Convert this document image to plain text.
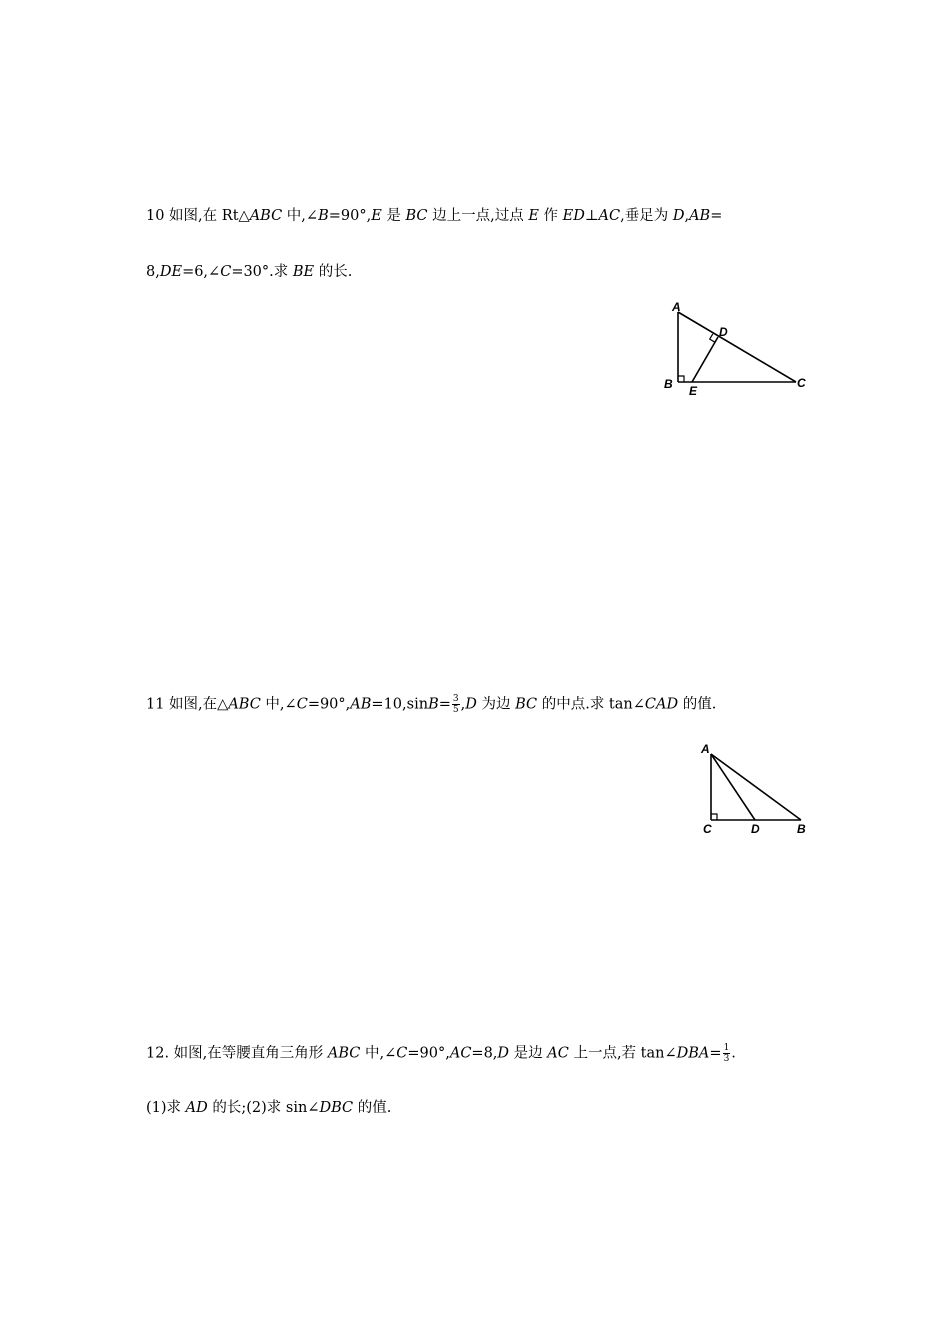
10 如图,在 Rt△ABC 中,∠B=90°,E 是 BC 边上一点,过点 E 作 ED⊥AC,垂足为 D,AB=
8,DE=6,∠C=30°.求 BE 的长.
A
D
B E
C
11 如图,在△ABC 中,∠C=90°,AB=10,sinB= $\frac{3}{5} ,D$ 为边 BC 的中点.求 tan∠CAD 的值.
A
C	D	B
12. 如图,在等腰直角三角形 ABC 中,∠C=90°,AC=8,D 是边 AC 上一点,若 tan∠DBA= $\frac{1}{3}$ .
(1)求 AD 的长;(2)求 sin∠DBC 的值.
